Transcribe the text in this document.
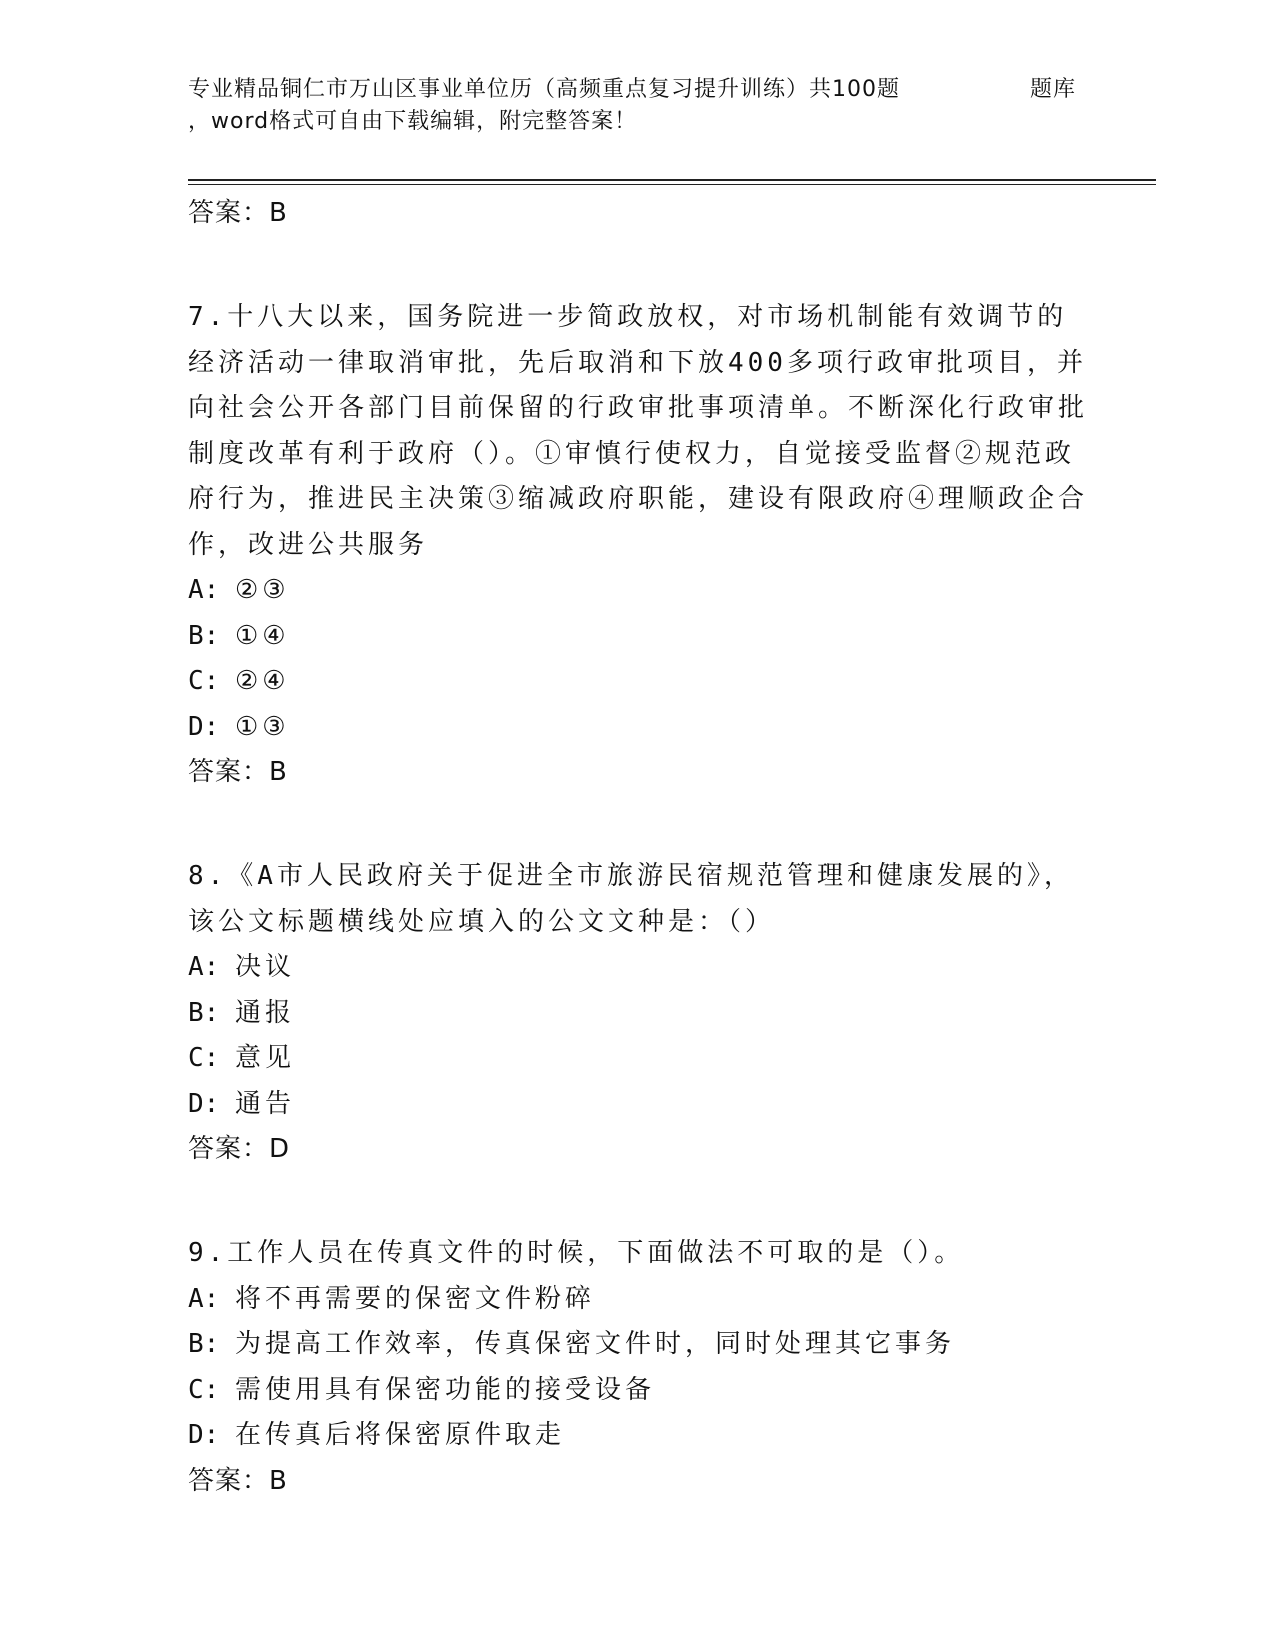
专业精品铜仁市万山区事业单位历（高频重点复习提升训练）共100题
，word格式可自由下载编辑，附完整答案！
题库
答案：B
7.十八大以来，国务院进一步简政放权，对市场机制能有效调节的经济活动一律取消审批，先后取消和下放400多项行政审批项目，并向社会公开各部门目前保留的行政审批事项清单。不断深化行政审批制度改革有利于政府（）。①审慎行使权力，自觉接受监督②规范政府行为，推进民主决策③缩减政府职能，建设有限政府④理顺政企合作，改进公共服务
A: ②③
B: ①④
C: ②④
D: ①③
答案：B
8.《A市人民政府关于促进全市旅游民宿规范管理和健康发展的》，该公文标题横线处应填入的公文文种是：（）
A: 决议
B: 通报
C: 意见
D: 通告
答案：D
9.工作人员在传真文件的时候，下面做法不可取的是（）。
A: 将不再需要的保密文件粉碎
B: 为提高工作效率，传真保密文件时，同时处理其它事务
C: 需使用具有保密功能的接受设备
D: 在传真后将保密原件取走
答案：B
